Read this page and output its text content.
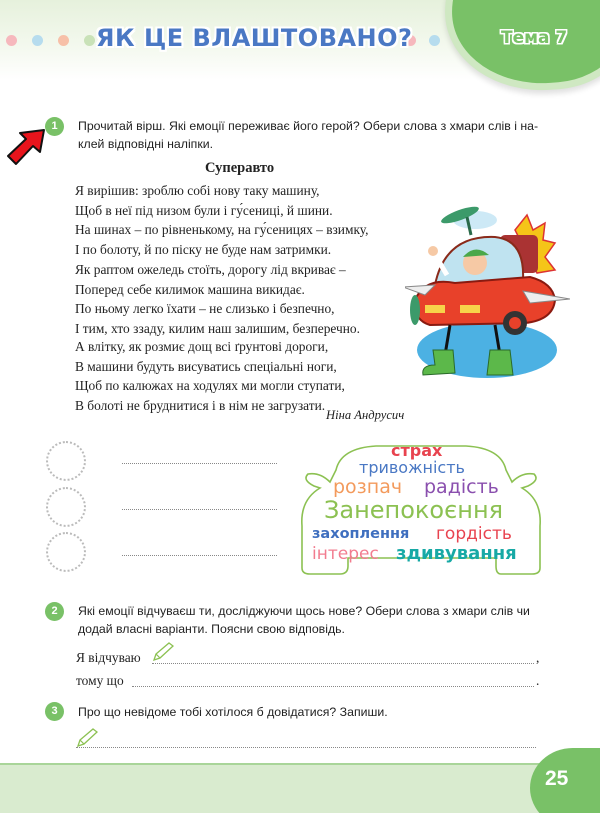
ЯК ЦЕ ВЛАШТОВАНО?	Тема 7
1	Прочитай вірш. Які емоції переживає його герой? Обери слова з хмари слів і на-
клей відповідні наліпки.
Суперавто
Я вирішив: зроблю собі нову таку машину,
Щоб в неї під низом були і гу́сениці, й шини.
На шинах – по рівненькому, на гу́сеницях – взимку,
І по болоту, й по піску не буде нам затримки.
Як раптом ожеледь стоїть, дорогу лід вкриває –
Поперед себе килимок машина викидає.
По ньому легко їхати – не слизько і безпечно,
І тим, хто ззаду, килим наш залишим, безперечно.
А влітку, як розмиє дощ всі ґрунтові дороги,
В машини будуть висуватись спеціальні ноги,
Щоб по калюжах на ходулях ми могли ступати,
В болоті не бруднитися і в нім не загрузати.
Ніна Андрусич
страх
тривожність
розпач радість
Занепокоєння
захоплення гордість
інтерес здивування
2	Які емоції відчуваєш ти, досліджуючи щось нове? Обери слова з хмари слів чи
додай власні варіанти. Поясни свою відповідь.
Я відчуваю	,
тому що	.
3	Про що невідоме тобі хотілося б довідатися? Запиши.
25
